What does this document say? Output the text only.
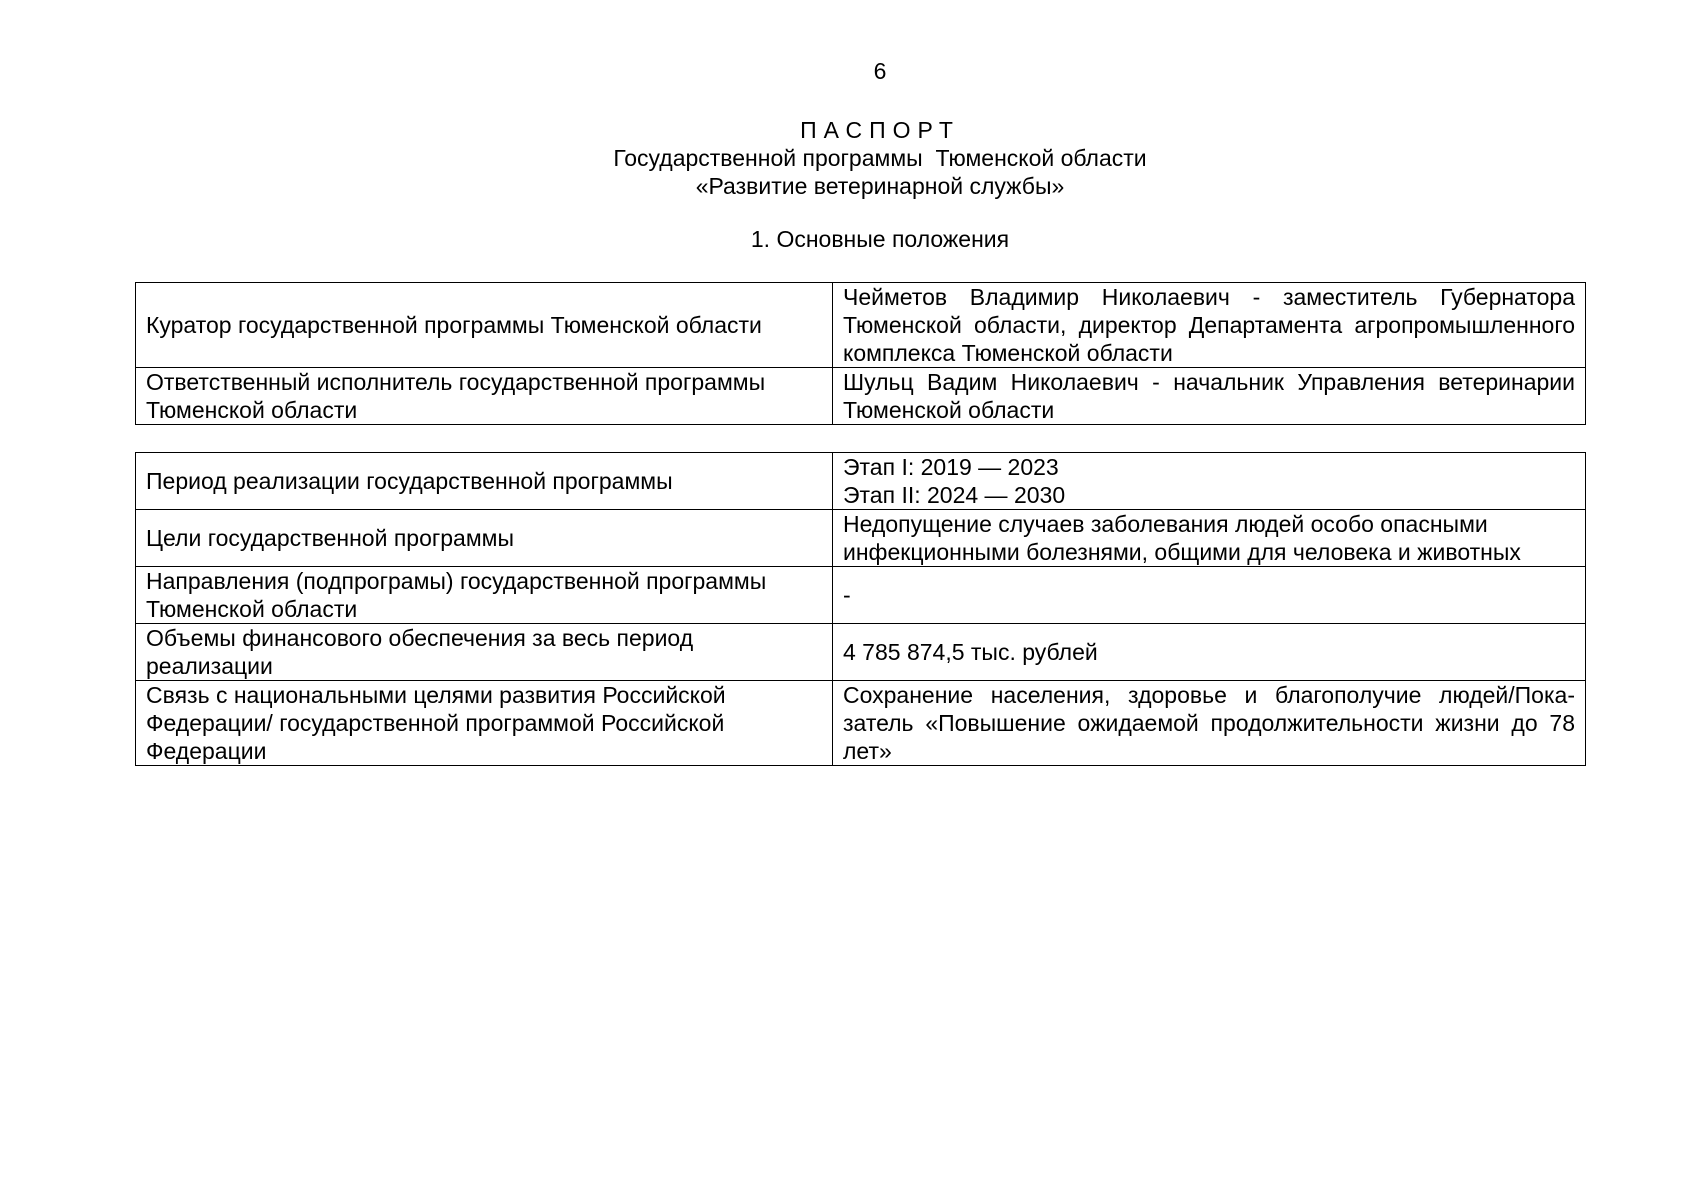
6
ПАСПОРТ
Государственной программы  Тюменской области
«Развитие ветеринарной службы»
1. Основные положения
Куратор государственной программы Тюменской области	Чейметов Владимир Николаевич - заместитель Губернатора Тюменской области, директор Департамента агропромышленного комплекса Тюменской области
Ответственный исполнитель государственной программы Тюменской области	Шульц Вадим Николаевич - начальник Управления ветеринарии Тюменской области
Период реализации государственной программы	Этап I: 2019 — 2023
Этап II: 2024 — 2030

Цели государственной программы	Недопущение случаев заболевания людей особо опасными инфекционными болезнями, общими для человека и животных
Направления (подпрограмы) государственной программы Тюменской области	-
Объемы финансового обеспечения за весь период реализации	4 785 874,5 тыс. рублей
Связь с национальными целями развития Российской Федерации/ государственной программой Российской Федерации	Сохранение населения, здоровье и благополучие людей/Пока-затель «Повышение ожидаемой продолжительности жизни до 78 лет»
